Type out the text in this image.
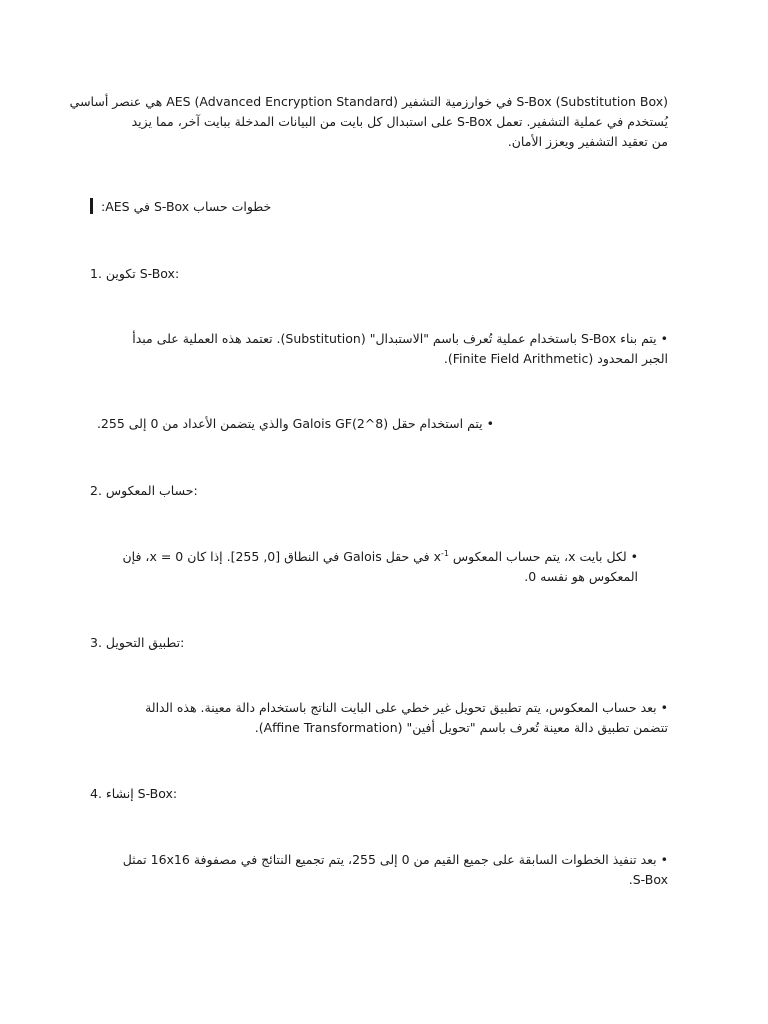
S-Box (Substitution Box) في خوارزمية التشفير AES (Advanced Encryption Standard) هي عنصر أساسي
يُستخدم في عملية التشفير. تعمل S-Box على استبدال كل بايت من البيانات المدخلة ببايت آخر، مما يزيد
من تعقيد التشفير ويعزز الأمان.
خطوات حساب S-Box في AES:
1. تكوين S-Box:
• يتم بناء S-Box باستخدام عملية تُعرف باسم "الاستبدال" (Substitution). تعتمد هذه العملية على مبدأ
الجبر المحدود (Finite Field Arithmetic).
• يتم استخدام حقل Galois GF(2^8) والذي يتضمن الأعداد من 0 إلى 255.
2. حساب المعكوس:
• لكل بايت x، يتم حساب المعكوس $x^{-1}$ في حقل Galois في النطاق [0, 255]. إذا كان x = 0، فإن
المعكوس هو نفسه 0.
3. تطبيق التحويل:
• بعد حساب المعكوس، يتم تطبيق تحويل غير خطي على البايت الناتج باستخدام دالة معينة. هذه الدالة
تتضمن تطبيق دالة معينة تُعرف باسم "تحويل أفين" (Affine Transformation).
4. إنشاء S-Box:
• بعد تنفيذ الخطوات السابقة على جميع القيم من 0 إلى 255، يتم تجميع النتائج في مصفوفة 16x16 تمثل
S-Box.
